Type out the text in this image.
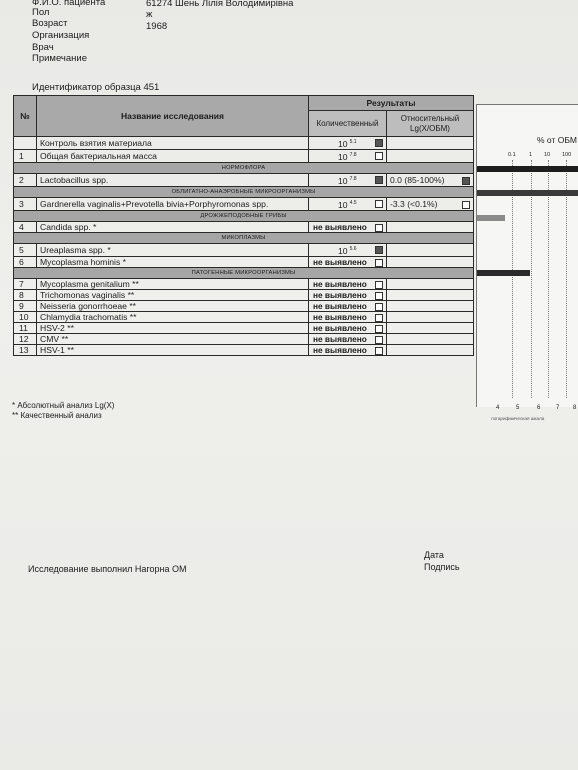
Ф.И.О. пациента	61274 Шень Лiлiя Володимирiвна
Пол	ж
Возраст	1968
Организация
Врач
Примечание
Идентификатор образца 451
№	Название исследования	Результаты	
		Количественный	Относительный
Lg(X/ОБМ)

	Контроль взятия материала	10 $^{5.1}$

1	Общая бактериальная масса	10 $^{7.8}$

НОРМОФЛОРА			
2	Lactobacillus spp.	10 $^{7.8}$	0.0 (85-100%)

ОБЛИГАТНО-АНАЭРОБНЫЕ МИКРООРГАНИЗМЫ			
3	Gardnerella vaginalis+Prevotella bivia+Porphyromonas spp.	10 $^{4.5}$	-3.3 (<0.1%)

ДРОЖЖЕПОДОБНЫЕ ГРИБЫ			
4	Candida spp. *	не выявлено

МИКОПЛАЗМЫ			
5	Ureaplasma spp. *	10 $^{5.6}$

6	Mycoplasma hominis *	не выявлено

ПАТОГЕННЫЕ МИКРООРГАНИЗМЫ			
7	Mycoplasma genitalium **	не выявлено

8	Trichomonas vaginalis **	не выявлено

9	Neisseria gonorrhoeae **	не выявлено

10	Chlamydia trachomatis **	не выявлено

11	HSV-2 **	не выявлено

12	CMV **	не выявлено

13	HSV-1 **	не выявлено

* Абсолютный анализ Lg(X)
** Качественный анализ
% от ОБМ
0.1 1 10 100
4	5	6	7 8
логарифмическая шкала
Дата
Подпись
Исследование выполнил Нагорна ОМ
